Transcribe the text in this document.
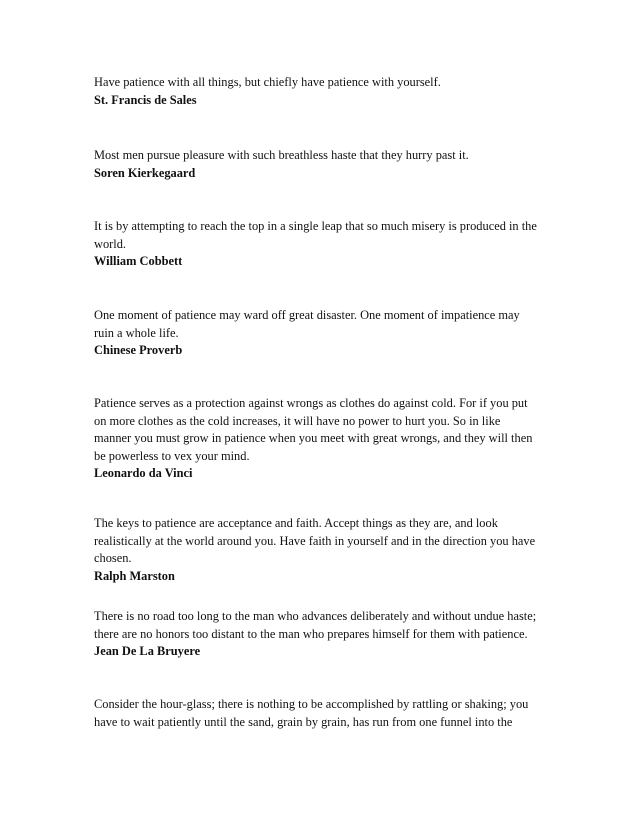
Have patience with all things, but chiefly have patience with yourself.

St. Francis de Sales

Most men pursue pleasure with such breathless haste that they hurry past it.

Soren Kierkegaard

It is by attempting to reach the top in a single leap that so much misery is produced in the
world.

William Cobbett

One moment of patience may ward off great disaster. One moment of impatience may
ruin a whole life.

Chinese Proverb

Patience serves as a protection against wrongs as clothes do against cold. For if you put
on more clothes as the cold increases, it will have no power to hurt you. So in like
manner you must grow in patience when you meet with great wrongs, and they will then
be powerless to vex your mind.

Leonardo da Vinci

The keys to patience are acceptance and faith. Accept things as they are, and look
realistically at the world around you. Have faith in yourself and in the direction you have
chosen.

Ralph Marston

There is no road too long to the man who advances deliberately and without undue haste;
there are no honors too distant to the man who prepares himself for them with patience.

Jean De La Bruyere

Consider the hour-glass; there is nothing to be accomplished by rattling or shaking; you
have to wait patiently until the sand, grain by grain, has run from one funnel into the
